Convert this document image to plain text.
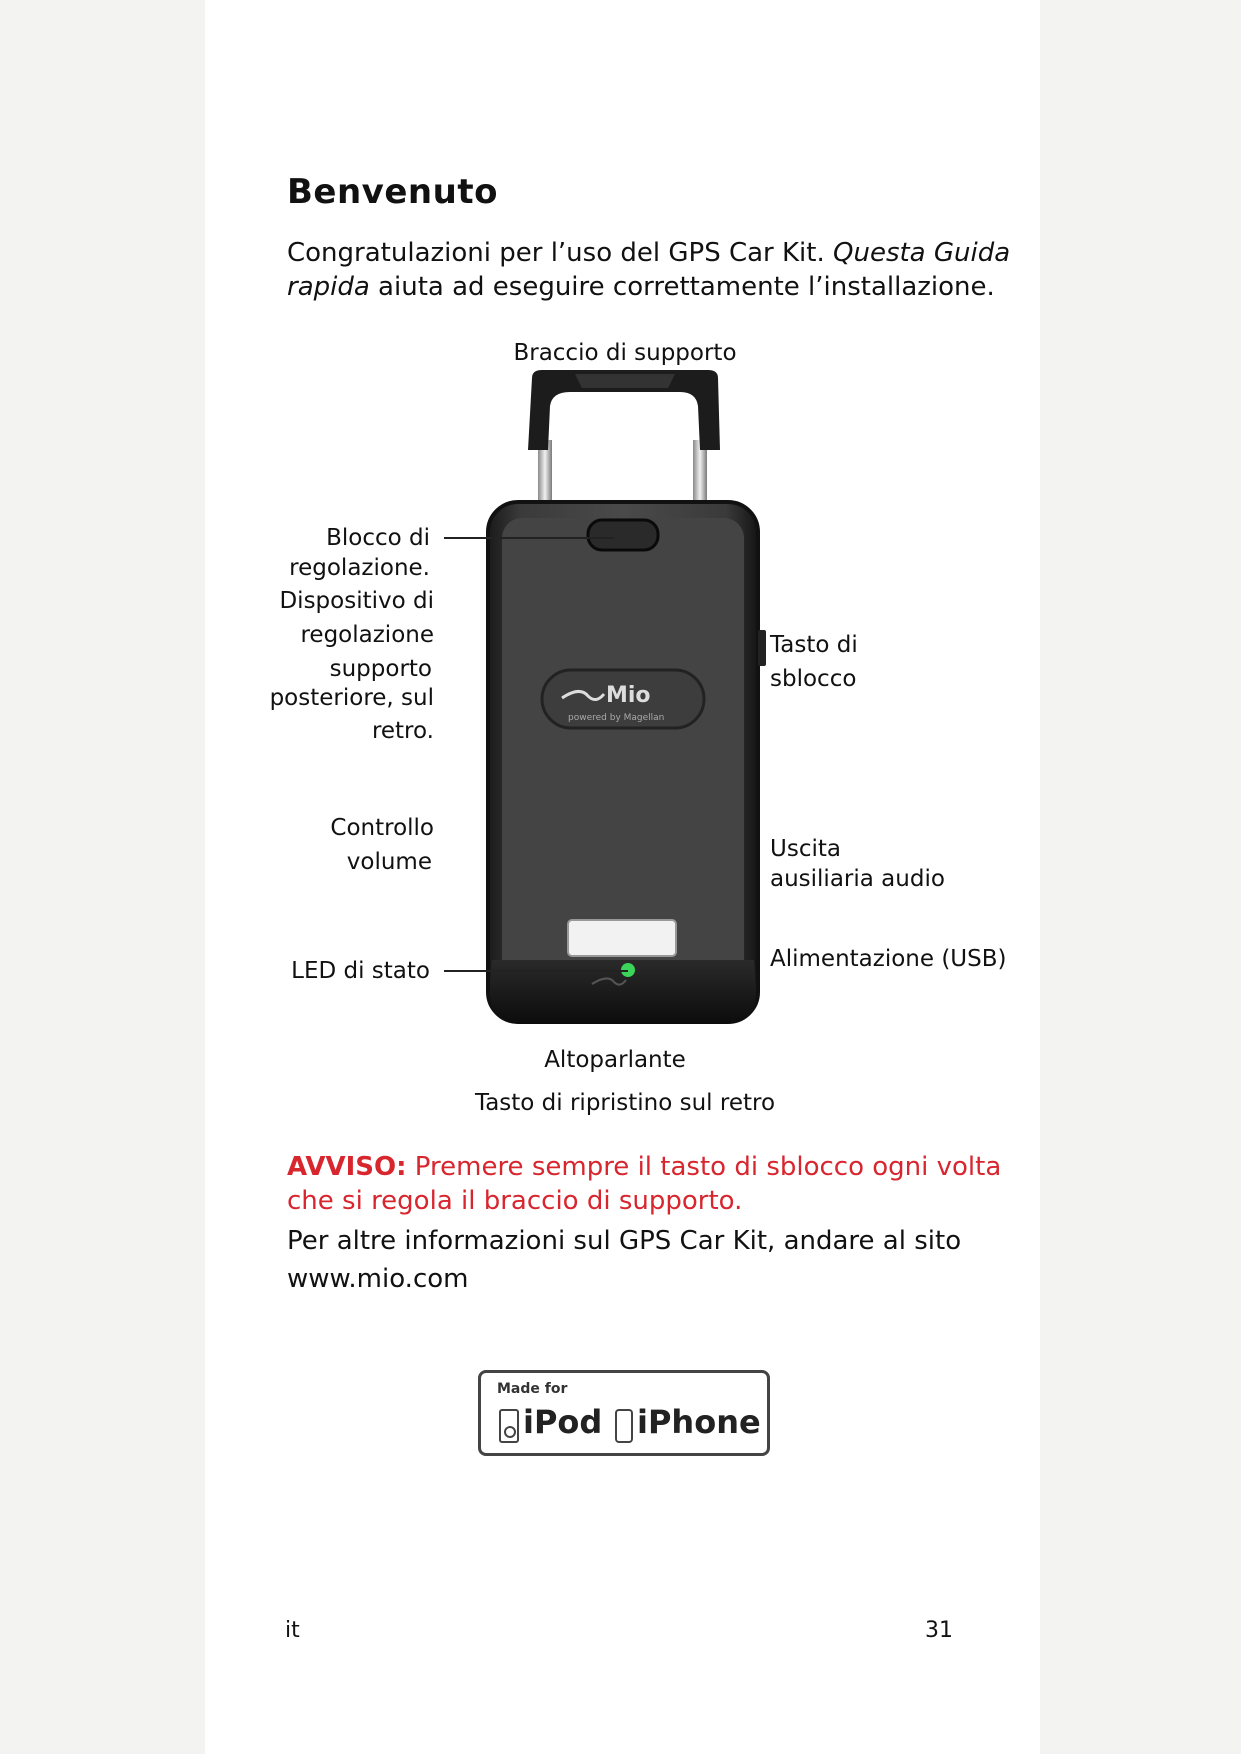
Benvenuto
Congratulazioni per l’uso del GPS Car Kit. Questa Guida rapida aiuta ad eseguire correttamente l’installazione.
Mio
powered by Magellan
Braccio di supporto
Blocco di
regolazione.
Dispositivo di
regolazione
supporto
posteriore, sul
retro.
Controllo
volume
LED di stato
Tasto di
sblocco
Uscita
ausiliaria audio
Alimentazione (USB)
Altoparlante
Tasto di ripristino sul retro
AVVISO: Premere sempre il tasto di sblocco ogni volta che si regola il braccio di supporto.
Per altre informazioni sul GPS Car Kit, andare al sito
www.mio.com
Made for
iPod iPhone
it	31
